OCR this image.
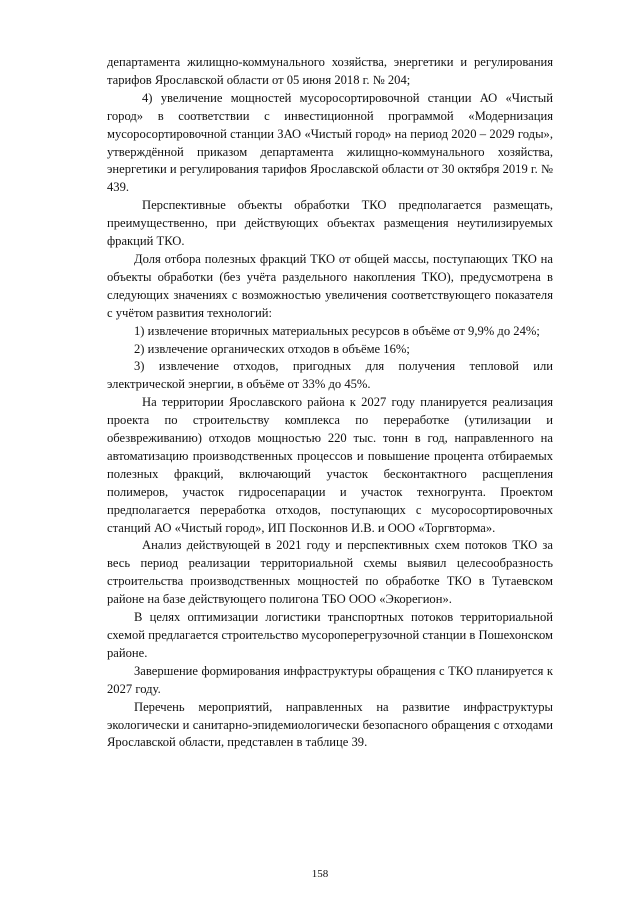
департамента жилищно-коммунального хозяйства, энергетики и регулирования тарифов Ярославской области от 05 июня 2018 г. № 204;

4) увеличение мощностей мусоросортировочной станции АО «Чистый город» в соответствии с инвестиционной программой «Модернизация мусоросортировочной станции ЗАО «Чистый город» на период 2020 – 2029 годы», утверждённой приказом департамента жилищно-коммунального хозяйства, энергетики и регулирования тарифов Ярославской области от 30 октября 2019 г. № 439.

Перспективные объекты обработки ТКО предполагается размещать, преимущественно, при действующих объектах размещения неутилизируемых фракций ТКО.

Доля отбора полезных фракций ТКО от общей массы, поступающих ТКО на объекты обработки (без учёта раздельного накопления ТКО), предусмотрена в следующих значениях с возможностью увеличения соответствующего показателя с учётом развития технологий:

1) извлечение вторичных материальных ресурсов в объёме от 9,9% до 24%;

2) извлечение органических отходов в объёме 16%;

3) извлечение отходов, пригодных для получения тепловой или электрической энергии, в объёме от 33% до 45%.

На территории Ярославского района к 2027 году планируется реализация проекта по строительству комплекса по переработке (утилизации и обезвреживанию) отходов мощностью 220 тыс. тонн в год, направленного на автоматизацию производственных процессов и повышение процента отбираемых полезных фракций, включающий участок бесконтактного расщепления полимеров, участок гидросепарации и участок техногрунта. Проектом предполагается переработка отходов, поступающих с мусоросортировочных станций АО «Чистый город», ИП Посконнов И.В. и ООО «Торгвторма».

Анализ действующей в 2021 году и перспективных схем потоков ТКО за весь период реализации территориальной схемы выявил целесообразность строительства производственных мощностей по обработке ТКО в Тутаевском районе на базе действующего полигона ТБО ООО «Экорегион».

В целях оптимизации логистики транспортных потоков территориальной схемой предлагается строительство мусороперегрузочной станции в Пошехонском районе.

Завершение формирования инфраструктуры обращения с ТКО планируется к 2027 году.

Перечень мероприятий, направленных на развитие инфраструктуры экологически и санитарно-эпидемиологически безопасного обращения с отходами Ярославской области, представлен в таблице 39.

158
